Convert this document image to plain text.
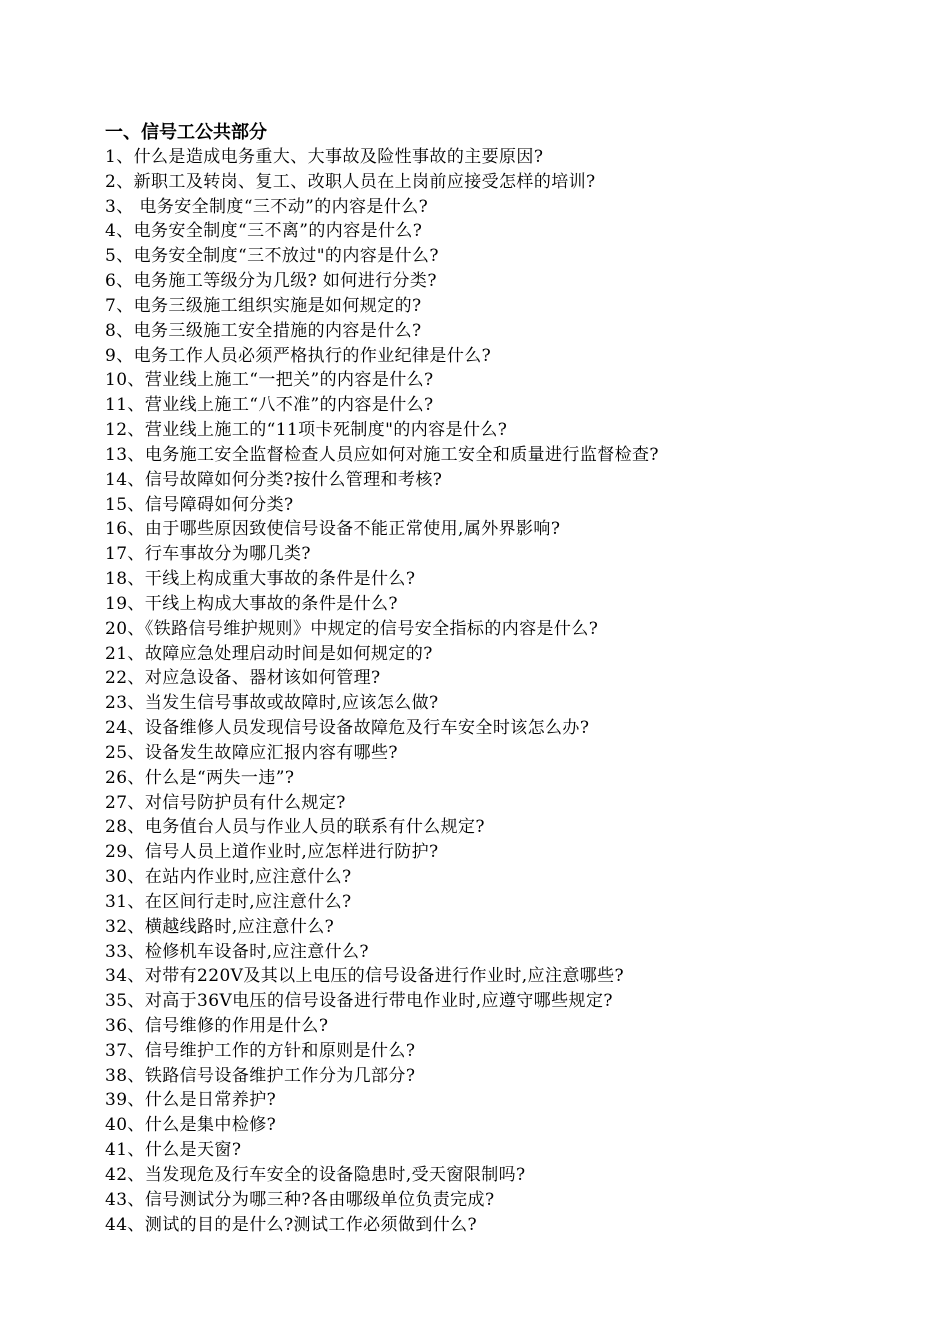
一、信号工公共部分
1、什么是造成电务重大、大事故及险性事故的主要原因?
2、新职工及转岗、复工、改职人员在上岗前应接受怎样的培训?
3、 电务安全制度“三不动”的内容是什么?
4、电务安全制度“三不离”的内容是什么?
5、电务安全制度“三不放过"的内容是什么?
6、电务施工等级分为几级? 如何进行分类?
7、电务三级施工组织实施是如何规定的?
8、电务三级施工安全措施的内容是什么?
9、电务工作人员必须严格执行的作业纪律是什么?
10、营业线上施工“一把关”的内容是什么?
11、营业线上施工“八不准”的内容是什么?
12、营业线上施工的“11项卡死制度"的内容是什么?
13、电务施工安全监督检查人员应如何对施工安全和质量进行监督检查?
14、信号故障如何分类?按什么管理和考核?
15、信号障碍如何分类?
16、由于哪些原因致使信号设备不能正常使用,属外界影响?
17、行车事故分为哪几类?
18、干线上构成重大事故的条件是什么?
19、干线上构成大事故的条件是什么?
20、《铁路信号维护规则》中规定的信号安全指标的内容是什么?
21、故障应急处理启动时间是如何规定的?
22、对应急设备、器材该如何管理?
23、当发生信号事故或故障时,应该怎么做?
24、设备维修人员发现信号设备故障危及行车安全时该怎么办?
25、设备发生故障应汇报内容有哪些?
26、什么是“两失一违”?
27、对信号防护员有什么规定?
28、电务值台人员与作业人员的联系有什么规定?
29、信号人员上道作业时,应怎样进行防护?
30、在站内作业时,应注意什么?
31、在区间行走时,应注意什么?
32、横越线路时,应注意什么?
33、检修机车设备时,应注意什么?
34、对带有220V及其以上电压的信号设备进行作业时,应注意哪些?
35、对高于36V电压的信号设备进行带电作业时,应遵守哪些规定?
36、信号维修的作用是什么?
37、信号维护工作的方针和原则是什么?
38、铁路信号设备维护工作分为几部分?
39、什么是日常养护?
40、什么是集中检修?
41、什么是天窗?
42、当发现危及行车安全的设备隐患时,受天窗限制吗?
43、信号测试分为哪三种?各由哪级单位负责完成?
44、测试的目的是什么?测试工作必须做到什么?
